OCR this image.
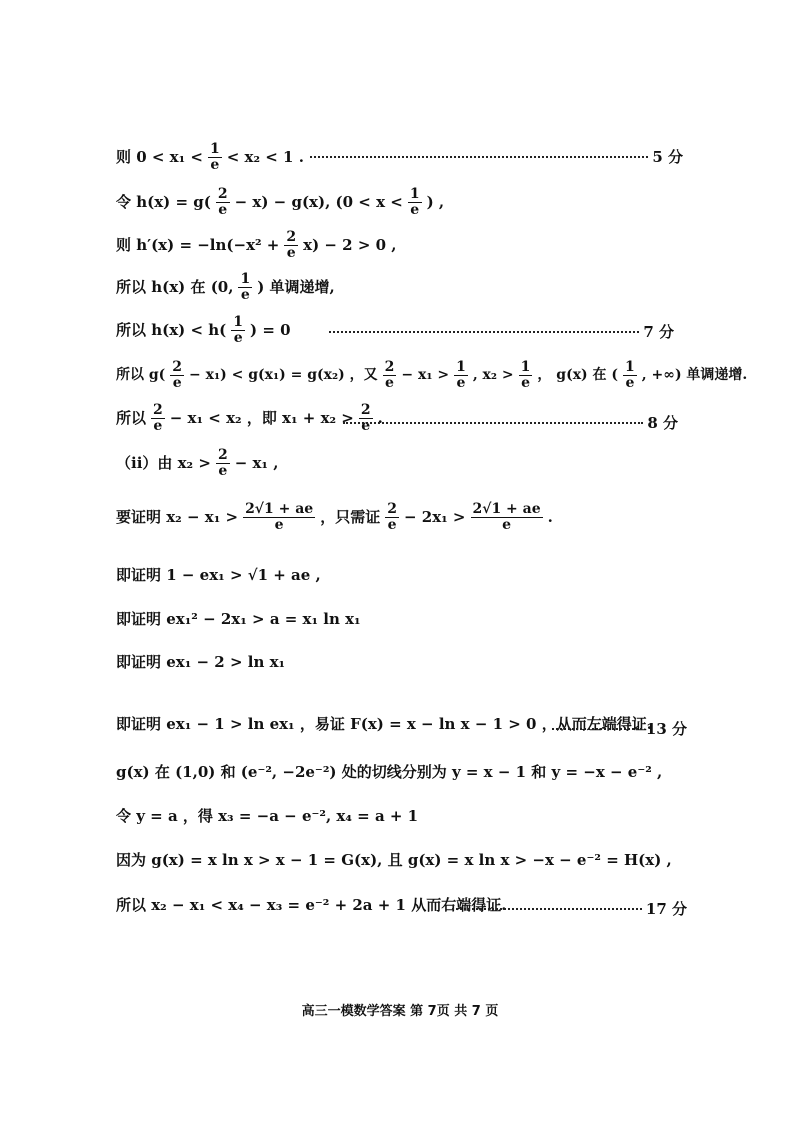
则 $0 < x_1 < \frac{1}{e} < x_2 < 1$ .	5 分
令 $h(x) = g( \frac{2}{e} - x) - g(x)$, ($0 < x < \frac{1}{e}$ ) ,
则 $h'(x) = -\ln(-x^2 + \frac{2}{e} x) - 2 > 0$ ,
所以 h(x) 在 (0, $\frac{1}{e}$ ) 单调递增,
所以 $h(x) < h( \frac{1}{e}$ ) = 0	7 分
所以 $g( \frac{2}{e} - x_1) < g(x_1) = g(x_2)$ ，又 $\frac{2}{e} - x_1 > \frac{1}{e}$ , $x_2 > \frac{1}{e}$ ， g(x) 在 ( $\frac{1}{e}$ , +∞) 单调递增.
所以 $\frac{2}{e} - x_1 < x_2$ ，即 $x_1 + x_2 > \frac{2}{e}$ .	8 分
（ii）由 $x_2 > \frac{2}{e} - x_1$ ,
要证明 $x_2 - x_1 > \frac{2√1 + ae}{e}$ ，只需证 $\frac{2}{e} - 2x_1 > \frac{2√1 + ae}{e}$ .
即证明 1 − ex₁ > √1 + ae ,
即证明 ex₁² − 2x₁ > a = x₁ ln x₁
即证明 ex₁ − 2 > ln x₁
即证明 ex₁ − 1 > ln ex₁ ，易证 F(x) = x − ln x − 1 > 0 ，从而左端得证.
13 分
g(x) 在 (1,0) 和 (e⁻², −2e⁻²) 处的切线分别为 y = x − 1 和 y = −x − e⁻² ,
令 y = a ，得 x₃ = −a − e⁻², x₄ = a + 1
因为 g(x) = x ln x > x − 1 = G(x), 且 g(x) = x ln x > −x − e⁻² = H(x) ,
所以 x₂ − x₁ < x₄ − x₃ = e⁻² + 2a + 1 从而右端得证.	17 分
高三一模数学答案 第 7页 共 7 页
